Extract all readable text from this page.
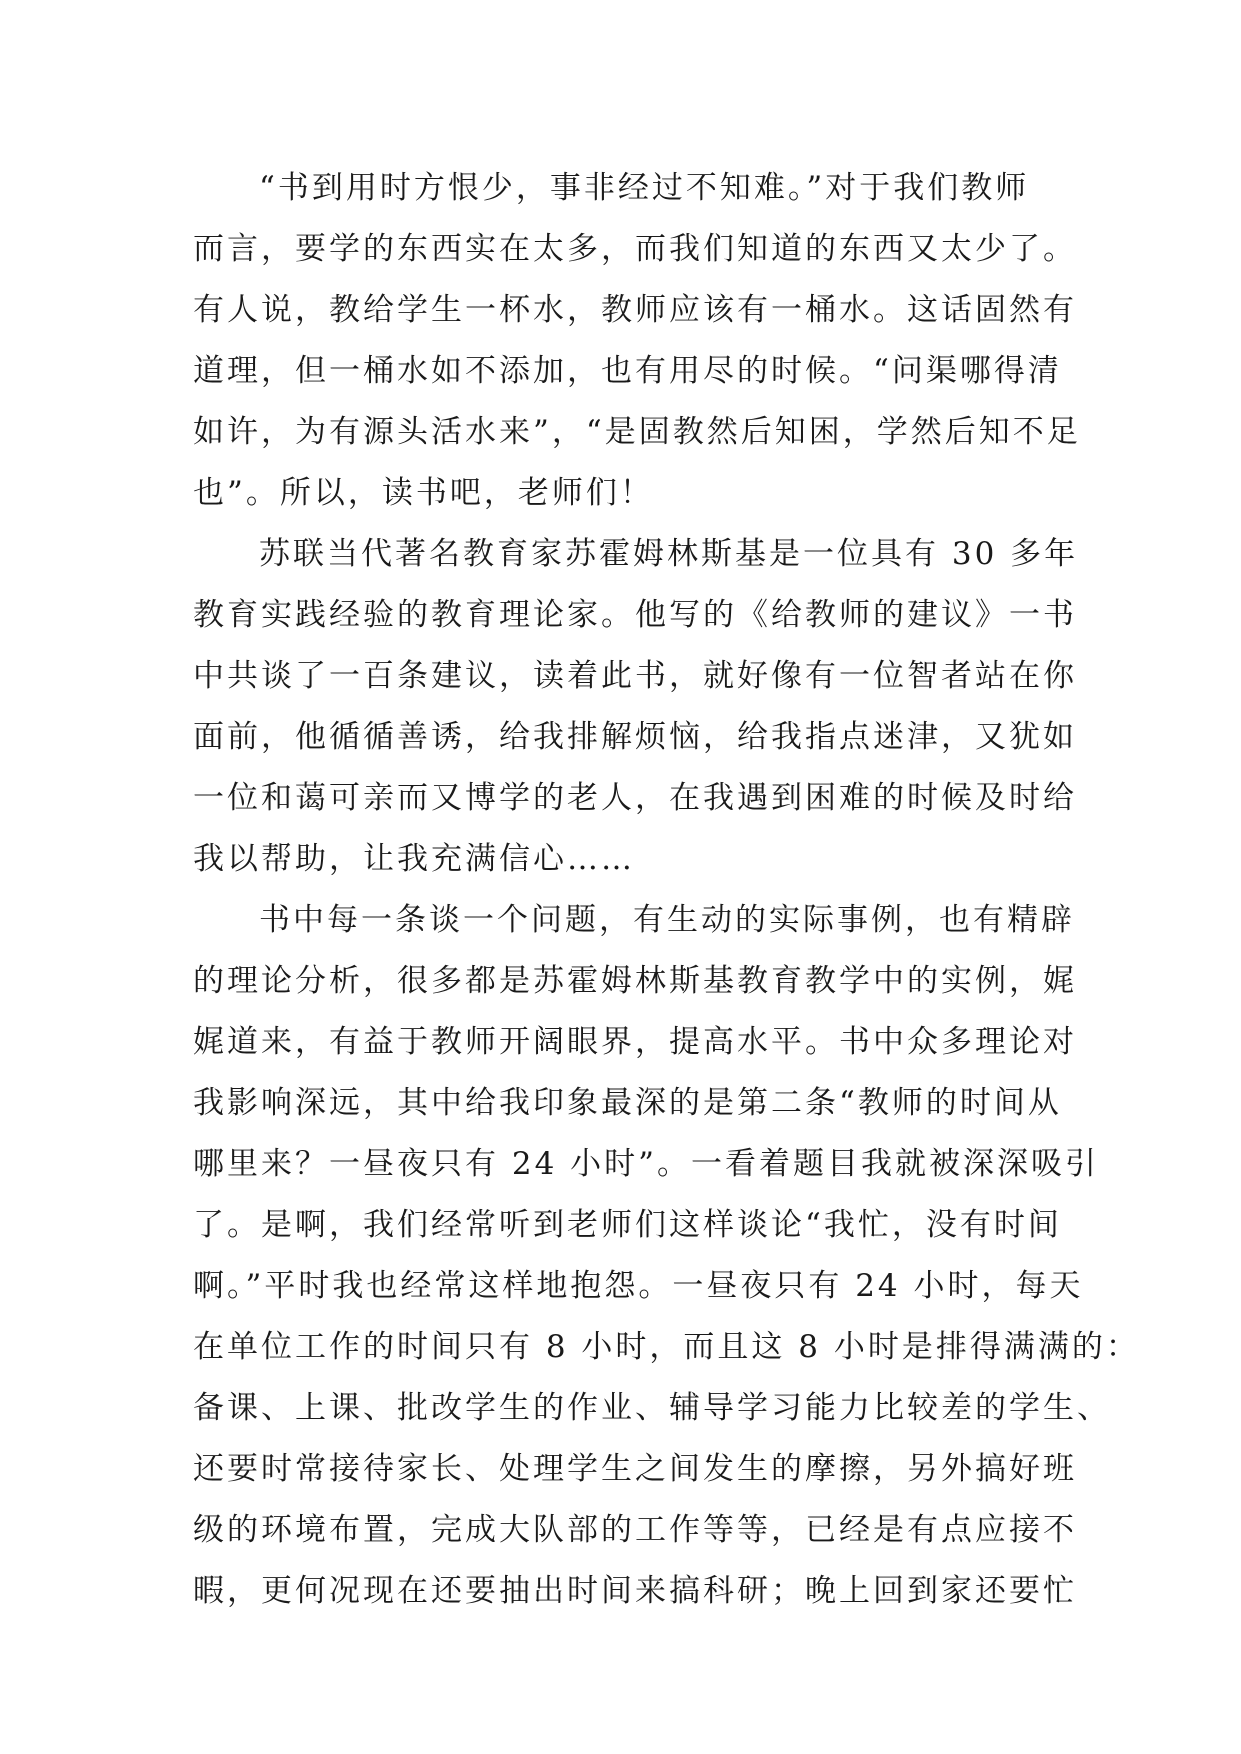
“书到用时方恨少，事非经过不知难。”对于我们教师
而言，要学的东西实在太多，而我们知道的东西又太少了。
有人说，教给学生一杯水，教师应该有一桶水。这话固然有
道理，但一桶水如不添加，也有用尽的时候。“问渠哪得清
如许，为有源头活水来”，“是固教然后知困，学然后知不足
也”。所以，读书吧，老师们！
苏联当代著名教育家苏霍姆林斯基是一位具有 30 多年
教育实践经验的教育理论家。他写的《给教师的建议》一书
中共谈了一百条建议，读着此书，就好像有一位智者站在你
面前，他循循善诱，给我排解烦恼，给我指点迷津，又犹如
一位和蔼可亲而又博学的老人，在我遇到困难的时候及时给
我以帮助，让我充满信心……
书中每一条谈一个问题，有生动的实际事例，也有精辟
的理论分析，很多都是苏霍姆林斯基教育教学中的实例，娓
娓道来，有益于教师开阔眼界，提高水平。书中众多理论对
我影响深远，其中给我印象最深的是第二条“教师的时间从
哪里来？一昼夜只有 24 小时”。一看着题目我就被深深吸引
了。是啊，我们经常听到老师们这样谈论“我忙，没有时间
啊。”平时我也经常这样地抱怨。一昼夜只有 24 小时，每天
在单位工作的时间只有 8 小时，而且这 8 小时是排得满满的：
备课、上课、批改学生的作业、辅导学习能力比较差的学生、
还要时常接待家长、处理学生之间发生的摩擦，另外搞好班
级的环境布置，完成大队部的工作等等，已经是有点应接不
暇，更何况现在还要抽出时间来搞科研；晚上回到家还要忙
